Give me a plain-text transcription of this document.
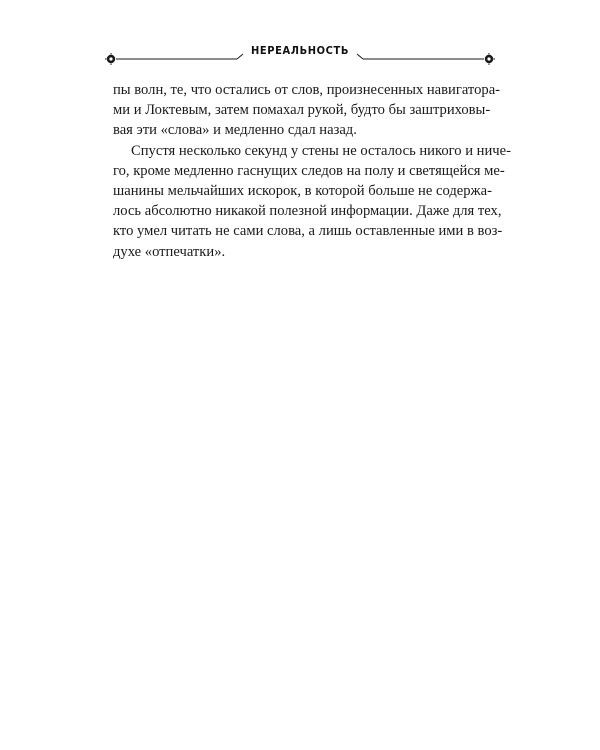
НЕРЕАЛЬНОСТЬ

пы волн, те, что остались от слов, произнесенных навигатора-
ми и Локтевым, затем помахал рукой, будто бы заштриховы-
вая эти «слова» и медленно сдал назад.

Спустя несколько секунд у стены не осталось никого и ниче-
го, кроме медленно гаснущих следов на полу и светящейся ме-
шанины мельчайших искорок, в которой больше не содержа-
лось абсолютно никакой полезной информации. Даже для тех,
кто умел читать не сами слова, а лишь оставленные ими в воз-
духе «отпечатки».
